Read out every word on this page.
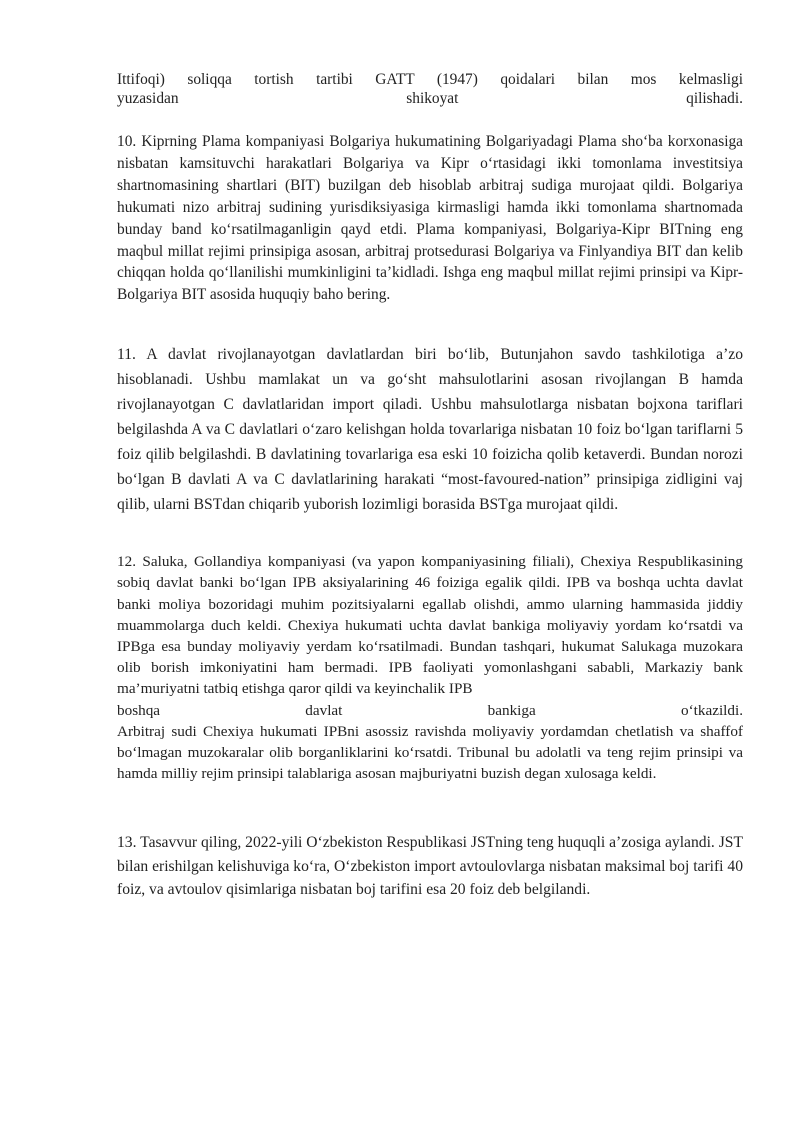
Ittifoqi) soliqqa tortish tartibi GATT (1947) qoidalari bilan mos kelmasligi

yuzasidan shikoyat qilishadi.

10. Kiprning Plama kompaniyasi Bolgariya hukumatining Bolgariyadagi Plama sho‘ba korxonasiga nisbatan kamsituvchi harakatlari Bolgariya va Kipr o‘rtasidagi ikki tomonlama investitsiya shartnomasining shartlari (BIT) buzilgan deb hisoblab arbitraj sudiga murojaat qildi. Bolgariya hukumati nizo arbitraj sudining yurisdiksiyasiga kirmasligi hamda ikki tomonlama shartnomada bunday band ko‘rsatilmaganligin qayd etdi. Plama kompaniyasi, Bolgariya-Kipr BITning eng maqbul millat rejimi prinsipiga asosan, arbitraj protsedurasi Bolgariya va Finlyandiya BIT dan kelib chiqqan holda qo‘llanilishi mumkinligini ta’kidladi. Ishga eng maqbul millat rejimi prinsipi va Kipr-Bolgariya BIT asosida huquqiy baho bering.

11. A davlat rivojlanayotgan davlatlardan biri bo‘lib, Butunjahon savdo tashkilotiga a’zo hisoblanadi. Ushbu mamlakat un va go‘sht mahsulotlarini asosan rivojlangan B hamda rivojlanayotgan C davlatlaridan import qiladi. Ushbu mahsulotlarga nisbatan bojxona tariflari belgilashda A va C davlatlari o‘zaro kelishgan holda tovarlariga nisbatan 10 foiz bo‘lgan tariflarni 5 foiz qilib belgilashdi. B davlatining tovarlariga esa eski 10 foizicha qolib ketaverdi. Bundan norozi bo‘lgan B davlati A va C davlatlarining harakati “most-favoured-nation” prinsipiga zidligini vaj qilib, ularni BSTdan chiqarib yuborish lozimligi borasida BSTga murojaat qildi.

12. Saluka, Gollandiya kompaniyasi (va yapon kompaniyasining filiali), Chexiya Respublikasining sobiq davlat banki bo‘lgan IPB aksiyalarining 46 foiziga egalik qildi. IPB va boshqa uchta davlat banki moliya bozoridagi muhim pozitsiyalarni egallab olishdi, ammo ularning hammasida jiddiy muammolarga duch keldi. Chexiya hukumati uchta davlat bankiga moliyaviy yordam ko‘rsatdi va IPBga esa bunday moliyaviy yerdam ko‘rsatilmadi. Bundan tashqari, hukumat Salukaga muzokara olib borish imkoniyatini ham bermadi. IPB faoliyati yomonlashgani sababli, Markaziy bank ma’muriyatni tatbiq etishga qaror qildi va keyinchalik IPB

boshqa davlat bankiga o‘tkazildi.

Arbitraj sudi Chexiya hukumati IPBni asossiz ravishda moliyaviy yordamdan chetlatish va shaffof bo‘lmagan muzokaralar olib borganliklarini ko‘rsatdi. Tribunal bu adolatli va teng rejim prinsipi va hamda milliy rejim prinsipi talablariga asosan majburiyatni buzish degan xulosaga keldi.

13. Tasavvur qiling, 2022-yili O‘zbekiston Respublikasi JSTning teng huquqli a’zosiga aylandi. JST bilan erishilgan kelishuviga ko‘ra, O‘zbekiston import avtoulovlarga nisbatan maksimal boj tarifi 40 foiz, va avtoulov qisimlariga nisbatan boj tarifini esa 20 foiz deb belgilandi.
